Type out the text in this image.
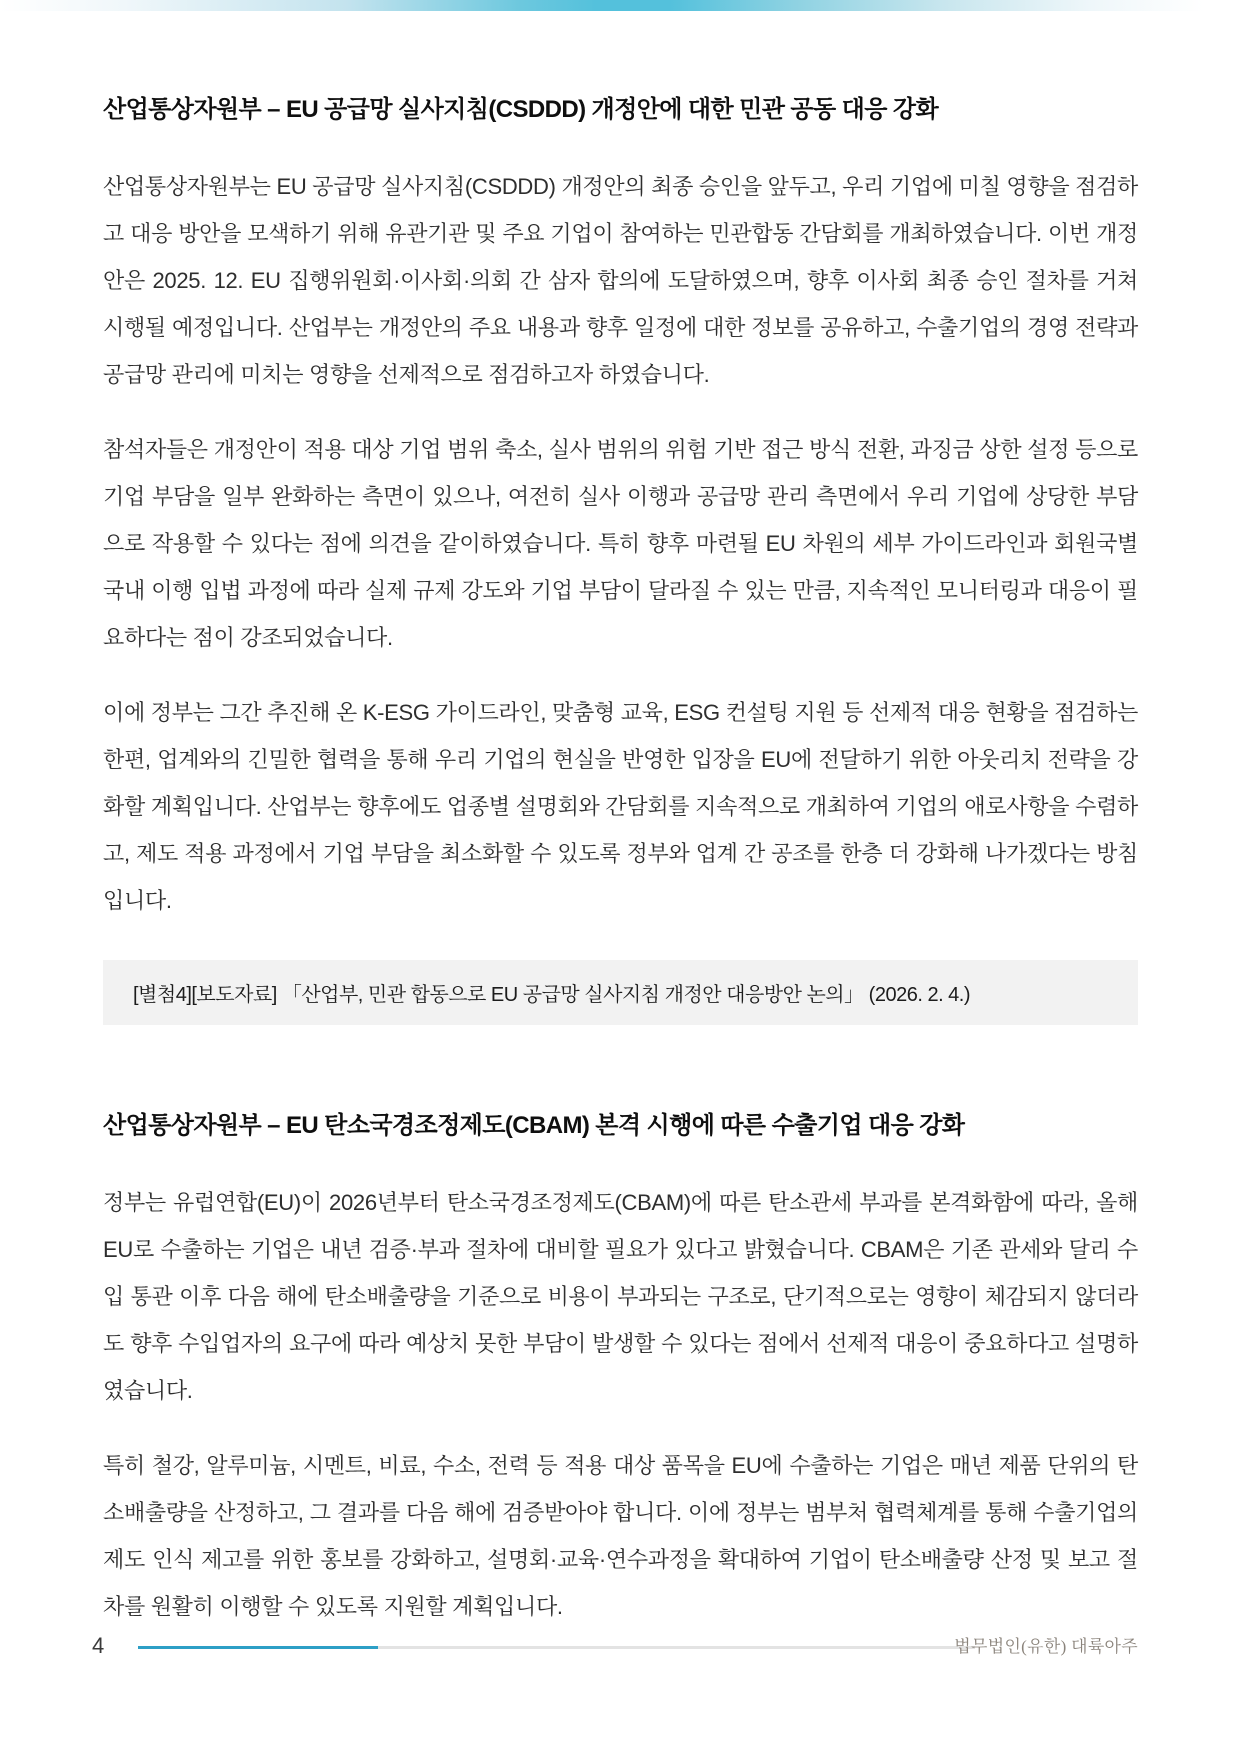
산업통상자원부 – EU 공급망 실사지침(CSDDD) 개정안에 대한 민관 공동 대응 강화

산업통상자원부는 EU 공급망 실사지침(CSDDD) 개정안의 최종 승인을 앞두고, 우리 기업에 미칠 영향을 점검하고 대응 방안을 모색하기 위해 유관기관 및 주요 기업이 참여하는 민관합동 간담회를 개최하였습니다. 이번 개정안은 2025. 12. EU 집행위원회·이사회·의회 간 삼자 합의에 도달하였으며, 향후 이사회 최종 승인 절차를 거쳐 시행될 예정입니다. 산업부는 개정안의 주요 내용과 향후 일정에 대한 정보를 공유하고, 수출기업의 경영 전략과 공급망 관리에 미치는 영향을 선제적으로 점검하고자 하였습니다.

참석자들은 개정안이 적용 대상 기업 범위 축소, 실사 범위의 위험 기반 접근 방식 전환, 과징금 상한 설정 등으로 기업 부담을 일부 완화하는 측면이 있으나, 여전히 실사 이행과 공급망 관리 측면에서 우리 기업에 상당한 부담으로 작용할 수 있다는 점에 의견을 같이하였습니다. 특히 향후 마련될 EU 차원의 세부 가이드라인과 회원국별 국내 이행 입법 과정에 따라 실제 규제 강도와 기업 부담이 달라질 수 있는 만큼, 지속적인 모니터링과 대응이 필요하다는 점이 강조되었습니다.

이에 정부는 그간 추진해 온 K-ESG 가이드라인, 맞춤형 교육, ESG 컨설팅 지원 등 선제적 대응 현황을 점검하는 한편, 업계와의 긴밀한 협력을 통해 우리 기업의 현실을 반영한 입장을 EU에 전달하기 위한 아웃리치 전략을 강화할 계획입니다. 산업부는 향후에도 업종별 설명회와 간담회를 지속적으로 개최하여 기업의 애로사항을 수렴하고, 제도 적용 과정에서 기업 부담을 최소화할 수 있도록 정부와 업계 간 공조를 한층 더 강화해 나가겠다는 방침입니다.

[별첨4][보도자료] 「산업부, 민관 합동으로 EU 공급망 실사지침 개정안 대응방안 논의」 (2026. 2. 4.)
산업통상자원부 – EU 탄소국경조정제도(CBAM) 본격 시행에 따른 수출기업 대응 강화

정부는 유럽연합(EU)이 2026년부터 탄소국경조정제도(CBAM)에 따른 탄소관세 부과를 본격화함에 따라, 올해 EU로 수출하는 기업은 내년 검증·부과 절차에 대비할 필요가 있다고 밝혔습니다. CBAM은 기존 관세와 달리 수입 통관 이후 다음 해에 탄소배출량을 기준으로 비용이 부과되는 구조로, 단기적으로는 영향이 체감되지 않더라도 향후 수입업자의 요구에 따라 예상치 못한 부담이 발생할 수 있다는 점에서 선제적 대응이 중요하다고 설명하였습니다.

특히 철강, 알루미늄, 시멘트, 비료, 수소, 전력 등 적용 대상 품목을 EU에 수출하는 기업은 매년 제품 단위의 탄소배출량을 산정하고, 그 결과를 다음 해에 검증받아야 합니다. 이에 정부는 범부처 협력체계를 통해 수출기업의 제도 인식 제고를 위한 홍보를 강화하고, 설명회·교육·연수과정을 확대하여 기업이 탄소배출량 산정 및 보고 절차를 원활히 이행할 수 있도록 지원할 계획입니다.

4	법무법인(유한) 대륙아주
